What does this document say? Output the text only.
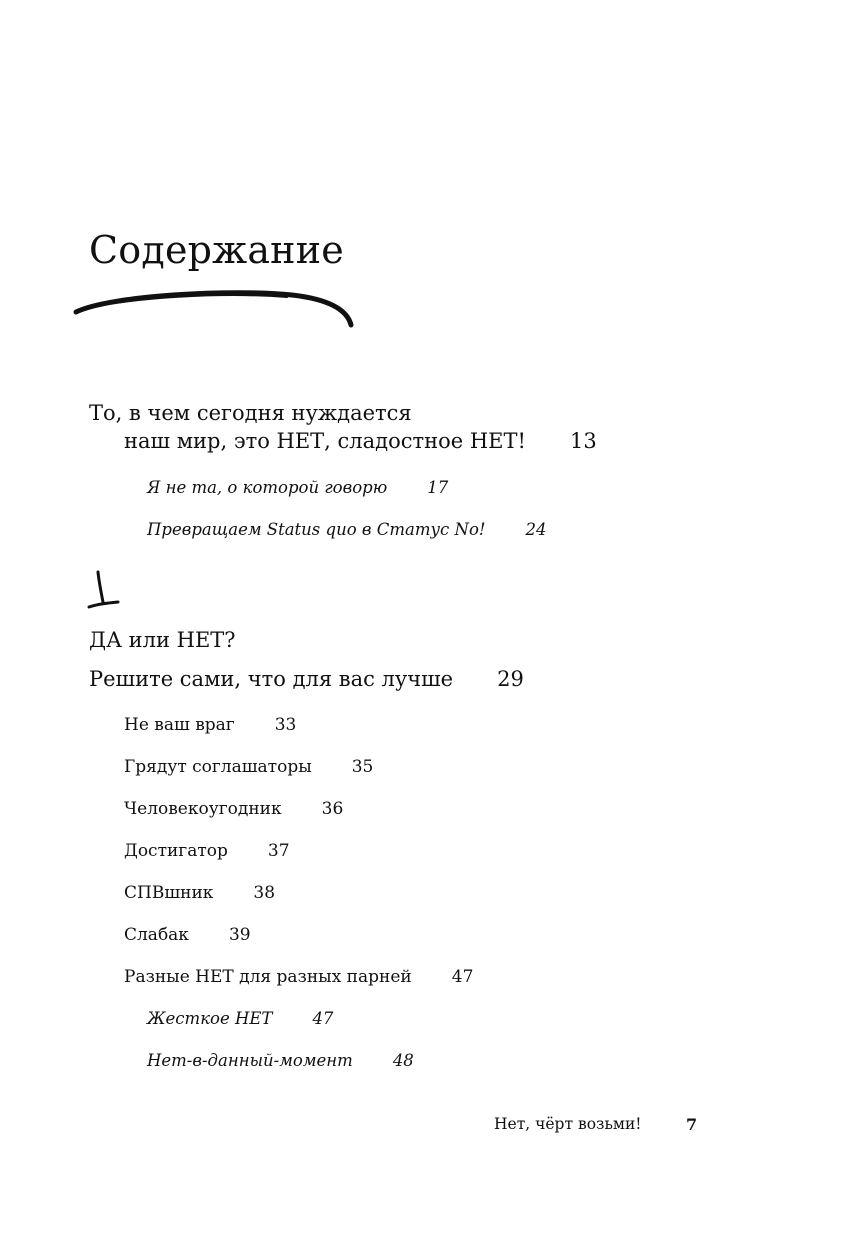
Содержание
То, в чем сегодня нуждается
наш мир, это НЕТ, сладостное НЕТ! 13
Я не та, о которой говорю 17
Превращаем Status quo в Статус No! 24
ДА или НЕТ?
Решите сами, что для вас лучше 29
Не ваш враг 33
Грядут соглашаторы 35
Человекоугодник 36
Достигатор 37
СПВшник 38
Слабак 39
Разные НЕТ для разных парней 47
Жесткое НЕТ 47
Нет-в-данный-момент 48
Нет, чёрт возьми!	7
